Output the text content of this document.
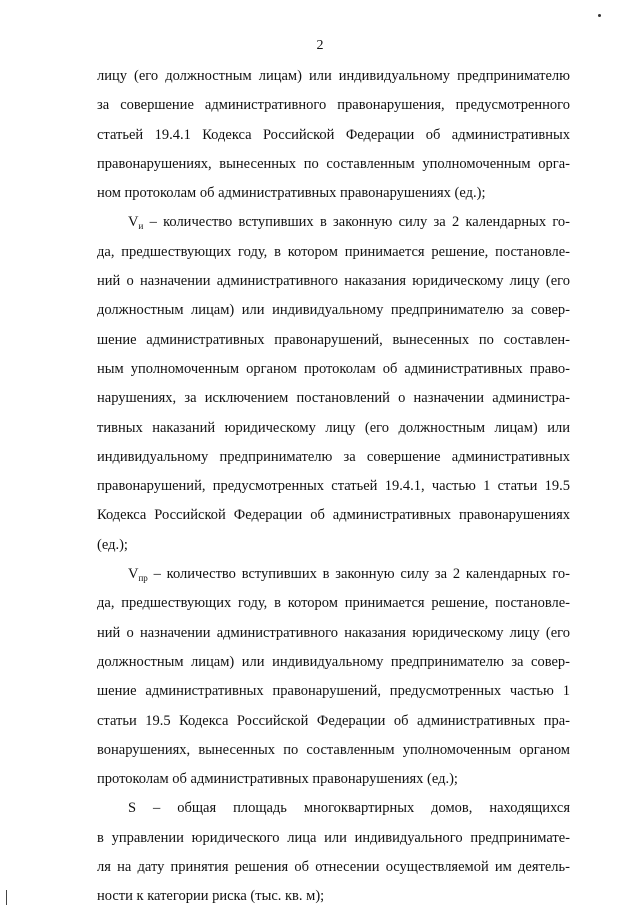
2
лицу (его должностным лицам) или индивидуальному предпринимателю
за совершение административного правонарушения, предусмотренного
статьей 19.4.1 Кодекса Российской Федерации об административных
правонарушениях, вынесенных по составленным уполномоченным орга-
ном протоколам об административных правонарушениях (ед.);
$V_и$ – количество вступивших в законную силу за 2 календарных го-
да, предшествующих году, в котором принимается решение, постановле-
ний о назначении административного наказания юридическому лицу (его
должностным лицам) или индивидуальному предпринимателю за совер-
шение административных правонарушений, вынесенных по составлен-
ным уполномоченным органом протоколам об административных право-
нарушениях, за исключением постановлений о назначении администра-
тивных наказаний юридическому лицу (его должностным лицам) или
индивидуальному предпринимателю за совершение административных
правонарушений, предусмотренных статьей 19.4.1, частью 1 статьи 19.5
Кодекса Российской Федерации об административных правонарушениях
(ед.);
$V_{пр}$ – количество вступивших в законную силу за 2 календарных го-
да, предшествующих году, в котором принимается решение, постановле-
ний о назначении административного наказания юридическому лицу (его
должностным лицам) или индивидуальному предпринимателю за совер-
шение административных правонарушений, предусмотренных частью 1
статьи 19.5 Кодекса Российской Федерации об административных пра-
вонарушениях, вынесенных по составленным уполномоченным органом
протоколам об административных правонарушениях (ед.);
S – общая площадь многоквартирных домов, находящихся
в управлении юридического лица или индивидуального предпринимате-
ля на дату принятия решения об отнесении осуществляемой им деятель-
ности к категории риска (тыс. кв. м);
